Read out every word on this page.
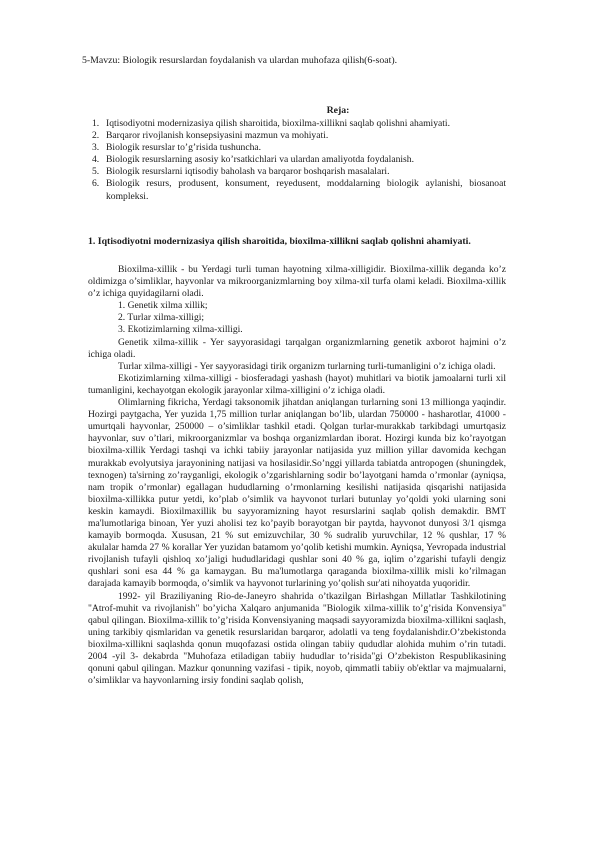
5-Mavzu: Biologik resurslardan foydalanish va ulardan muhofaza qilish(6-soat).
Reja:
1. Iqtisodiyotni modernizasiya qilish sharoitida, bioxilma-xillikni saqlab qolishni ahamiyati.
2. Barqaror rivojlanish konsepsiyasini mazmun va mohiyati.
3. Biologik resurslar to’g’risida tushuncha.
4. Biologik resurslarning asosiy ko’rsatkichlari va ulardan amaliyotda foydalanish.
5. Biologik resurslarni iqtisodiy baholash va barqaror boshqarish masalalari.
6. Biologik resurs, produsent, konsument, reyedusent, moddalarning biologik aylanishi, biosanoat kompleksi.
1. Iqtisodiyotni modernizasiya qilish sharoitida, bioxilma-xillikni saqlab qolishni ahamiyati.

Bioxilma-xillik - bu Yerdagi turli tuman hayotning xilma-xilligidir. Bioxilma-xillik deganda ko’z oldimizga o’simliklar, hayvonlar va mikroorganizmlarning boy xilma-xil turfa olami keladi. Bioxilma-xillik o’z ichiga quyidagilarni oladi.

1. Genetik xilma xillik;

2. Turlar xilma-xilligi;

3. Ekotizimlarning xilma-xilligi.

Genetik xilma-xillik - Yer sayyorasidagi tarqalgan organizmlarning genetik axborot hajmini o’z ichiga oladi.

Turlar xilma-xilligi - Yer sayyorasidagi tirik organizm turlarning turli-tumanligini o’z ichiga oladi.

Ekotizimlarning xilma-xilligi - biosferadagi yashash (hayot) muhitlari va biotik jamoalarni turli xil tumanligini, kechayotgan ekologik jarayonlar xilma-xilligini o’z ichiga oladi.

Olimlarning fikricha, Yerdagi taksonomik jihatdan aniqlangan turlarning soni 13 millionga yaqindir. Hozirgi paytgacha, Yer yuzida 1,75 million turlar aniqlangan bo’lib, ulardan 750000 - hasharotlar, 41000 - umurtqali hayvonlar, 250000 – o’simliklar tashkil etadi. Qolgan turlar-murakkab tarkibdagi umurtqasiz hayvonlar, suv o’tlari, mikroorganizmlar va boshqa organizmlardan iborat. Hozirgi kunda biz ko’rayotgan bioxilma-xillik Yerdagi tashqi va ichki tabiiy jarayonlar natijasida yuz million yillar davomida kechgan murakkab evolyutsiya jarayonining natijasi va hosilasidir.So’nggi yillarda tabiatda antropogen (shuningdek, texnogen) ta'sirning zo’rayganligi, ekologik o’zgarishlarning sodir bo’layotgani hamda o’rmonlar (ayniqsa, nam tropik o’rmonlar) egallagan hududlarning o’rmonlarning kesilishi natijasida qisqarishi natijasida bioxilma-xillikka putur yetdi, ko’plab o’simlik va hayvonot turlari butunlay yo’qoldi yoki ularning soni keskin kamaydi. Bioxilmaxillik bu sayyoramizning hayot resurslarini saqlab qolish demakdir. BMT ma'lumotlariga binoan, Yer yuzi aholisi tez ko’payib borayotgan bir paytda, hayvonot dunyosi 3/1 qismga kamayib bormoqda. Xususan, 21 % sut emizuvchilar, 30 % sudralib yuruvchilar, 12 % qushlar, 17 % akulalar hamda 27 % korallar Yer yuzidan batamom yo’qolib ketishi mumkin. Ayniqsa, Yevropada industrial rivojlanish tufayli qishloq xo’jaligi hududlaridagi qushlar soni 40 % ga, iqlim o’zgarishi tufayli dengiz qushlari soni esa 44 % ga kamaygan. Bu ma'lumotlarga qaraganda bioxilma-xillik misli ko’rilmagan darajada kamayib bormoqda, o’simlik va hayvonot turlarining yo’qolish sur'ati nihoyatda yuqoridir.

1992- yil Braziliyaning Rio-de-Janeyro shahrida o’tkazilgan Birlashgan Millatlar Tashkilotining "Atrof-muhit va rivojlanish" bo’yicha Xalqaro anjumanida "Biologik xilma-xillik to’g’risida Konvensiya" qabul qilingan. Bioxilma-xillik to’g’risida Konvensiyaning maqsadi sayyoramizda bioxilma-xillikni saqlash, uning tarkibiy qismlaridan va genetik resurslaridan barqaror, adolatli va teng foydalanishdir.O’zbekistonda bioxilma-xillikni saqlashda qonun muqofazasi ostida olingan tabiiy qududlar alohida muhim o’rin tutadi. 2004 -yil 3- dekabrda "Muhofaza etiladigan tabiiy hududlar to’risida"gi O’zbekiston Respublikasining qonuni qabul qilingan. Mazkur qonunning vazifasi - tipik, noyob, qimmatli tabiiy ob'ektlar va majmualarni, o’simliklar va hayvonlarning irsiy fondini saqlab qolish,
